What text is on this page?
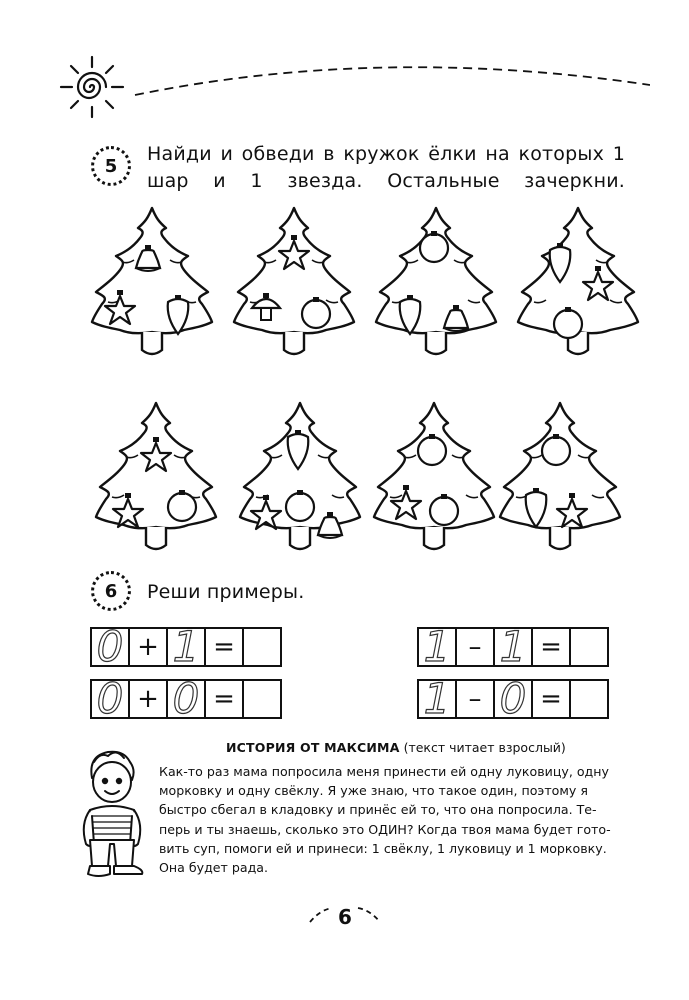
5
Найди и обведи в кружок ёлки на которых 1 шар и 1 звезда. Остальные зачеркни.
6 Реши примеры.
0 + 1 =	1 – 1 =
0 + 0 =	1 – 0 =
ИСТОРИЯ ОТ МАКСИМА (текст читает взрослый)
Как-то раз мама попросила меня принести ей одну луковицу, одну
морковку и одну свёклу. Я уже знаю, что такое один, поэтому я
быстро сбегал в кладовку и принёс ей то, что она попросила. Те-
перь и ты знаешь, сколько это ОДИН? Когда твоя мама будет гото-
вить суп, помоги ей и принеси: 1 свёклу, 1 луковицу и 1 морковку.
Она будет рада.
6
